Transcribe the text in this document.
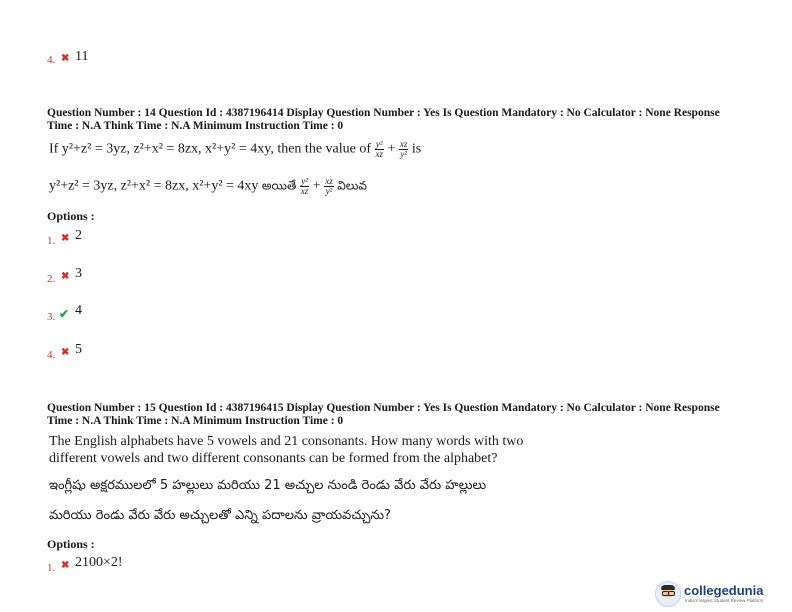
4. ✖ 11
Question Number : 14 Question Id : 4387196414 Display Question Number : Yes Is Question Mandatory : No Calculator : None Response
Time : N.A Think Time : N.A Minimum Instruction Time : 0
If y²+z² = 3yz, z²+x² = 8zx, x²+y² = 4xy, then the value of $\frac{\text{y²}}{xz} + \frac{xz}{\text{y²}}$ is
y²+z² = 3yz, z²+x² = 8zx, x²+y² = 4xy అయితే $\frac{\text{y²}}{xz} + \frac{xz}{\text{y²}}$ విలువ
Options :
1. ✖ 2
2. ✖ 3
3. ✔ 4
4. ✖ 5
Question Number : 15 Question Id : 4387196415 Display Question Number : Yes Is Question Mandatory : No Calculator : None Response
Time : N.A Think Time : N.A Minimum Instruction Time : 0
The English alphabets have 5 vowels and 21 consonants. How many words with two
different vowels and two different consonants can be formed from the alphabet?
ఇంగ్లీషు అక్షరములలో 5 హల్లులు మరియు 21 అచ్చుల నుండి రెండు వేరు వేరు హల్లులు
మరియు రెండు వేరు వేరు అచ్చులతో ఎన్ని పదాలను వ్రాయవచ్చును?
Options :
1. ✖ 2100×2!
collegedunia
India's largest Student Review Platform
